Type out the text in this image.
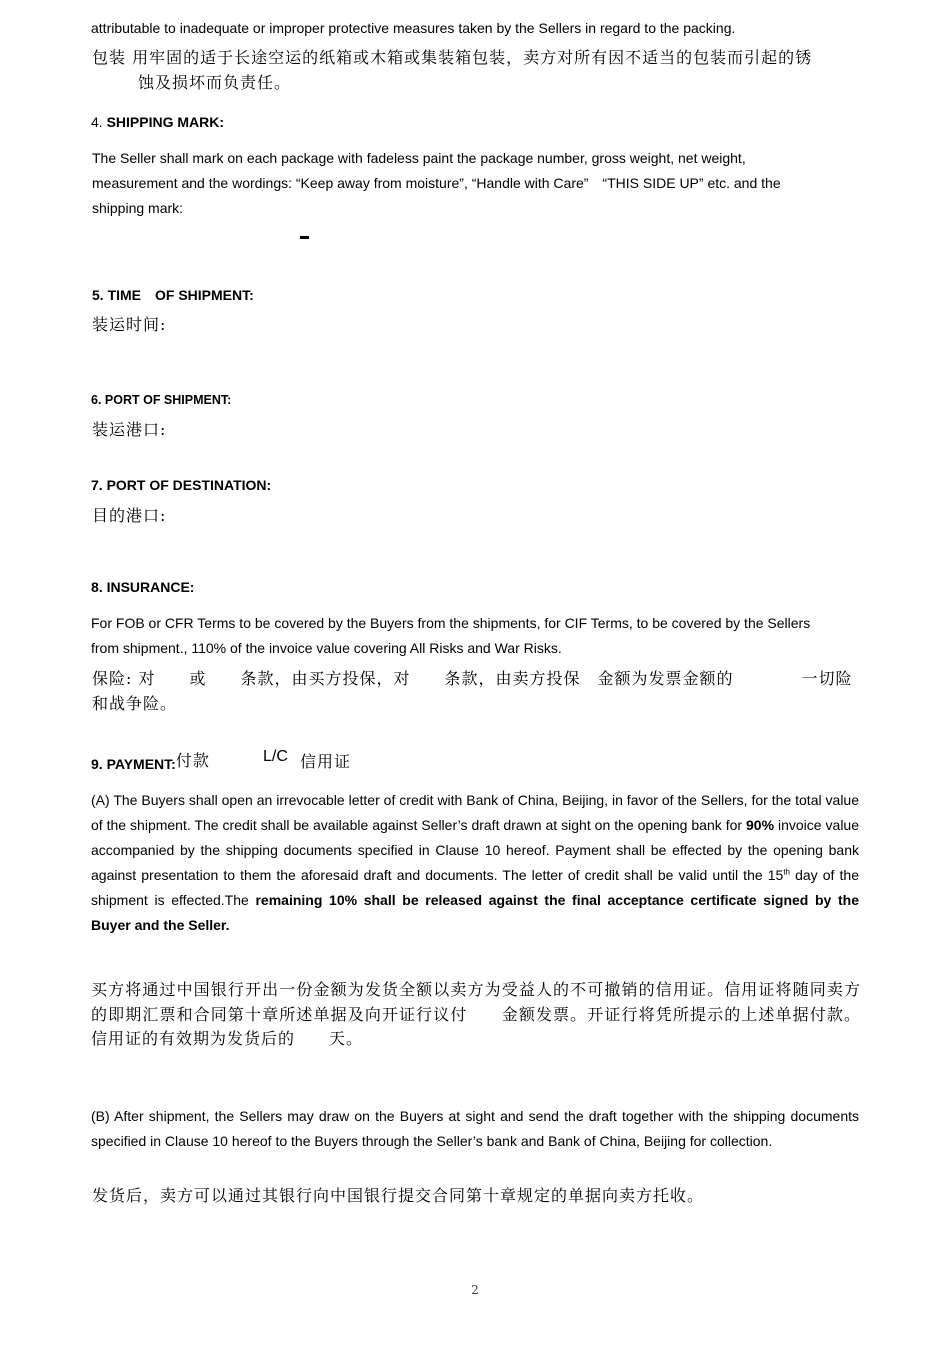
attributable to inadequate or improper protective measures taken by the Sellers in regard to the packing.
包装 用牢固的适于长途空运的纸箱或木箱或集装箱包装，卖方对所有因不适当的包装而引起的锈
蚀及损坏而负责任。
4. SHIPPING MARK:
The Seller shall mark on each package with fadeless paint the package number, gross weight, net weight, measurement and the wordings: “Keep away from moisture”, “Handle with Care”　“THIS SIDE UP” etc. and the shipping mark:
5. TIME　OF SHIPMENT:
装运时间:
6. PORT OF SHIPMENT:
装运港口:
7. PORT OF DESTINATION:
目的港口:
8. INSURANCE:
For FOB or CFR Terms to be covered by the Buyers from the shipments, for CIF Terms, to be covered by the Sellers from shipment., 110% of the invoice value covering All Risks and War Risks.
保险: 对　　或　　条款，由买方投保，对　　条款，由卖方投保　金额为发票金额的　　　　一切险
和战争险。
9. PAYMENT:付款	L/C 信用证
(A) The Buyers shall open an irrevocable letter of credit with Bank of China, Beijing, in favor of the Sellers, for the total value of the shipment. The credit shall be available against Seller’s draft drawn at sight on the opening bank for 90% invoice value accompanied by the shipping documents specified in Clause 10 hereof. Payment shall be effected by the opening bank against presentation to them the aforesaid draft and documents. The letter of credit shall be valid until the 15th day of the shipment is effected.The remaining 10% shall be released against the final acceptance certificate signed by the Buyer and the Seller.
买方将通过中国银行开出一份金额为发货全额以卖方为受益人的不可撤销的信用证。信用证将随同卖方的即期汇票和合同第十章所述单据及向开证行议付　　金额发票。开证行将凭所提示的上述单据付款。信用证的有效期为发货后的　　天。
(B) After shipment, the Sellers may draw on the Buyers at sight and send the draft together with the shipping documents specified in Clause 10 hereof to the Buyers through the Seller’s bank and Bank of China, Beijing for collection.
发货后，卖方可以通过其银行向中国银行提交合同第十章规定的单据向卖方托收。
2
